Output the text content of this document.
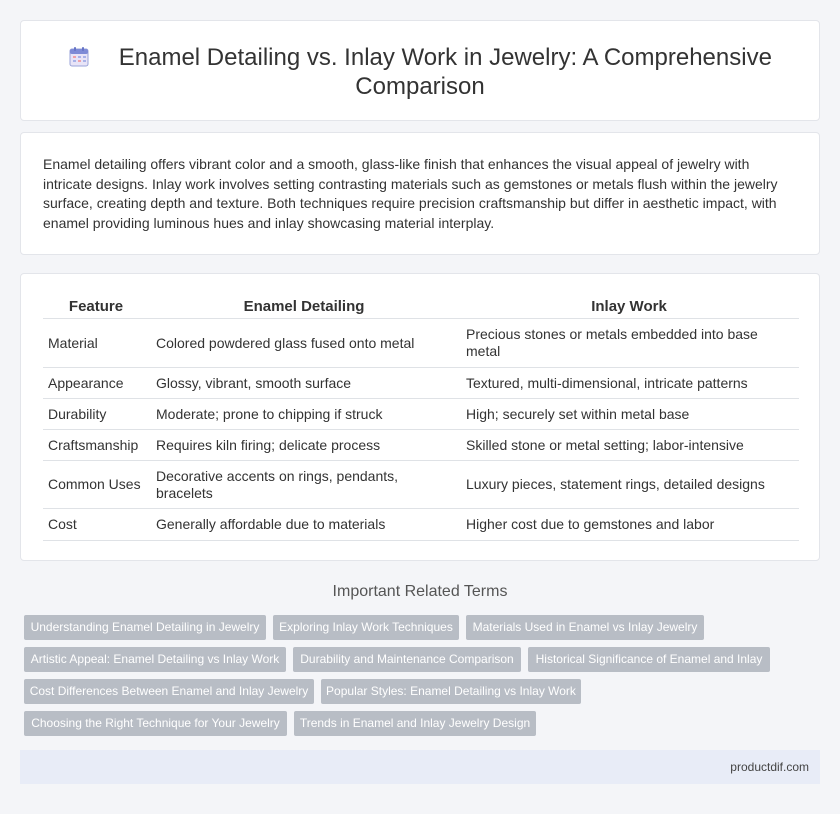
Enamel Detailing vs. Inlay Work in Jewelry: A Comprehensive
Comparison

Enamel detailing offers vibrant color and a smooth, glass-like finish that enhances the visual appeal of jewelry with intricate designs. Inlay work involves setting contrasting materials such as gemstones or metals flush within the jewelry surface, creating depth and texture. Both techniques require precision craftsmanship but differ in aesthetic impact, with enamel providing luminous hues and inlay showcasing material interplay.

Feature	Enamel Detailing	Inlay Work
Material	Colored powdered glass fused onto metal	Precious stones or metals embedded into base metal
Appearance	Glossy, vibrant, smooth surface	Textured, multi-dimensional, intricate patterns
Durability	Moderate; prone to chipping if struck	High; securely set within metal base
Craftsmanship	Requires kiln firing; delicate process	Skilled stone or metal setting; labor-intensive
Common Uses	Decorative accents on rings, pendants, bracelets	Luxury pieces, statement rings, detailed designs
Cost	Generally affordable due to materials	Higher cost due to gemstones and labor
Important Related Terms
Understanding Enamel Detailing in Jewelry	Exploring Inlay Work Techniques	Materials Used in Enamel vs Inlay Jewelry
Artistic Appeal: Enamel Detailing vs Inlay Work	Durability and Maintenance Comparison	Historical Significance of Enamel and Inlay
Cost Differences Between Enamel and Inlay Jewelry	Popular Styles: Enamel Detailing vs Inlay Work
Choosing the Right Technique for Your Jewelry	Trends in Enamel and Inlay Jewelry Design
productdif.com
